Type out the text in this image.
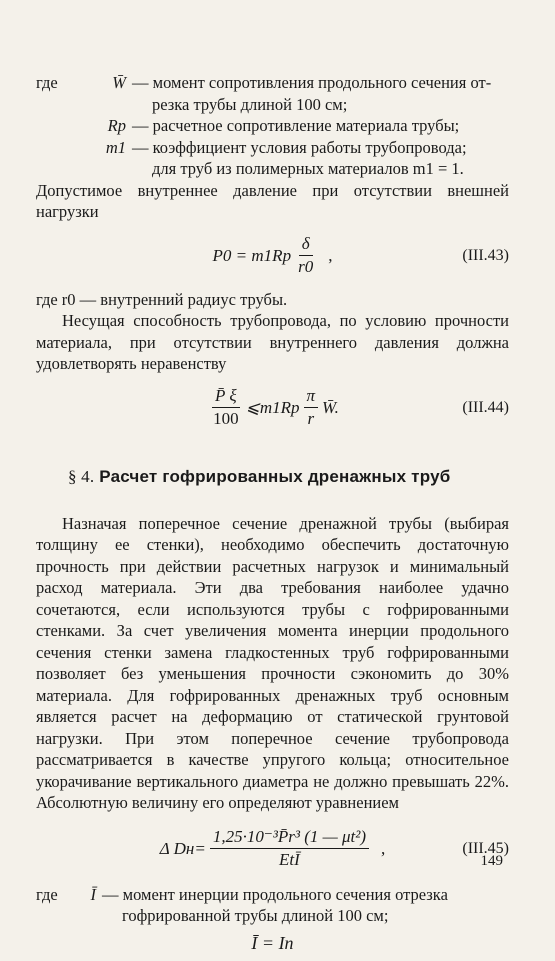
где	W̄ — момент сопротивления продольного сечения от-
резка трубы длиной 100 см;
Rp — расчетное сопротивление материала трубы;
m1 — коэффициент условия работы трубопровода;
для труб из полимерных материалов m1 = 1.

Допустимое внутреннее давление при отсутствии внешней нагрузки

$P0 = m1Rp \frac{\delta}{r0}$ ,	(III.43)

где r0 — внутренний радиус трубы.

Несущая способность трубопровода, по условию прочности материала, при отсутствии внутреннего давления должна удовлетворять неравенству

$\frac{P̄ \xi}{100}$ ⩽m1Rp $\frac{\pi}{r}$ W̄.	(III.44)
§ 4. Расчет гофрированных дренажных труб

Назначая поперечное сечение дренажной трубы (выбирая толщину ее стенки), необходимо обеспечить достаточную прочность при действии расчетных нагрузок и минимальный расход материала. Эти два требования наиболее удачно сочетаются, если используются трубы с гофрированными стенками. За счет увеличения момента инерции продольного сечения стенки замена гладкостенных труб гофрированными позволяет без уменьшения прочности сэкономить до 30% материала. Для гофрированных дренажных труб основным является расчет на деформацию от статической грунтовой нагрузки. При этом поперечное сечение трубопровода рассматривается в качестве упругого кольца; относительное укорачивание вертикального диаметра не должно превышать 22%. Абсолютную величину его определяют уравнением

Δ $Dн= \frac{\text{1,25·10⁻³P̄r³ (1 — μt²)}}{\text{EtĪ}}$ ,	(III.45)
где	Ī — момент инерции продольного сечения отрезка
гофрированной трубы длиной 100 см;
Ī = In
149
